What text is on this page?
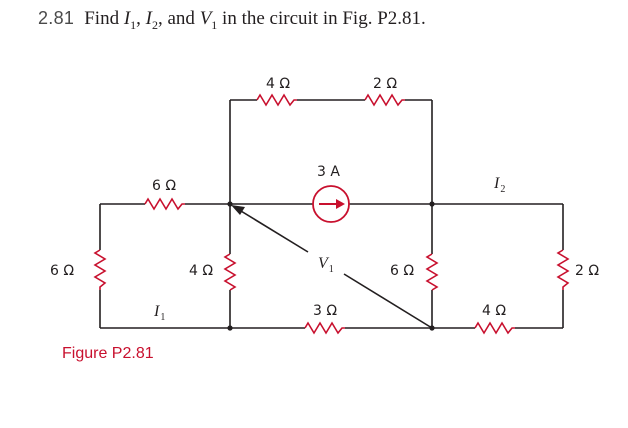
2.81 Find $I_1$, $I_2$, and $V_1$ in the circuit in Fig. P2.81.
4 Ω	2 Ω
6 Ω
6 Ω	4 Ω	6 Ω	2 Ω
3 Ω	4 Ω
3 A
$I_1$
$I_2$
$V_1$
Figure P2.81
